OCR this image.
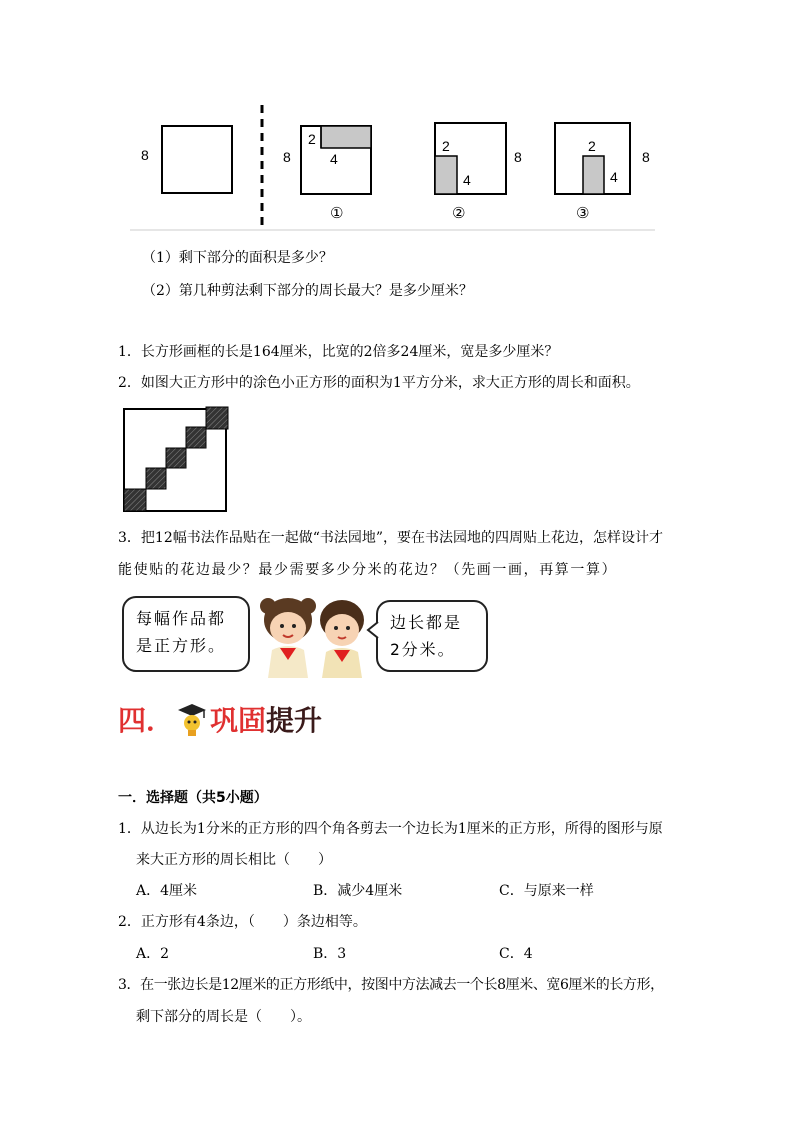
8	8
2
4
①
8
2
4
②
8
2
4
③
（1）剩下部分的面积是多少？
（2）第几种剪法剩下部分的周长最大？是多少厘米？
1．长方形画框的长是164厘米，比宽的2倍多24厘米，宽是多少厘米？
2．如图大正方形中的涂色小正方形的面积为1平方分米，求大正方形的周长和面积。
3．把12幅书法作品贴在一起做“书法园地”，要在书法园地的四周贴上花边，怎样设计才
能使贴的花边最少？最少需要多少分米的花边？（先画一画，再算一算）
每幅作品都
是正方形。
边长都是
2分米。
四． 巩固提升
一．选择题（共5小题）
1．从边长为1分米的正方形的四个角各剪去一个边长为1厘米的正方形，所得的图形与原
来大正方形的周长相比（　　）
A．4厘米	B．减少4厘米	C．与原来一样
2．正方形有4条边，（　　）条边相等。
A．2	B．3	C．4
3．在一张边长是12厘米的正方形纸中，按图中方法减去一个长8厘米、宽6厘米的长方形，
剩下部分的周长是（　　）。
